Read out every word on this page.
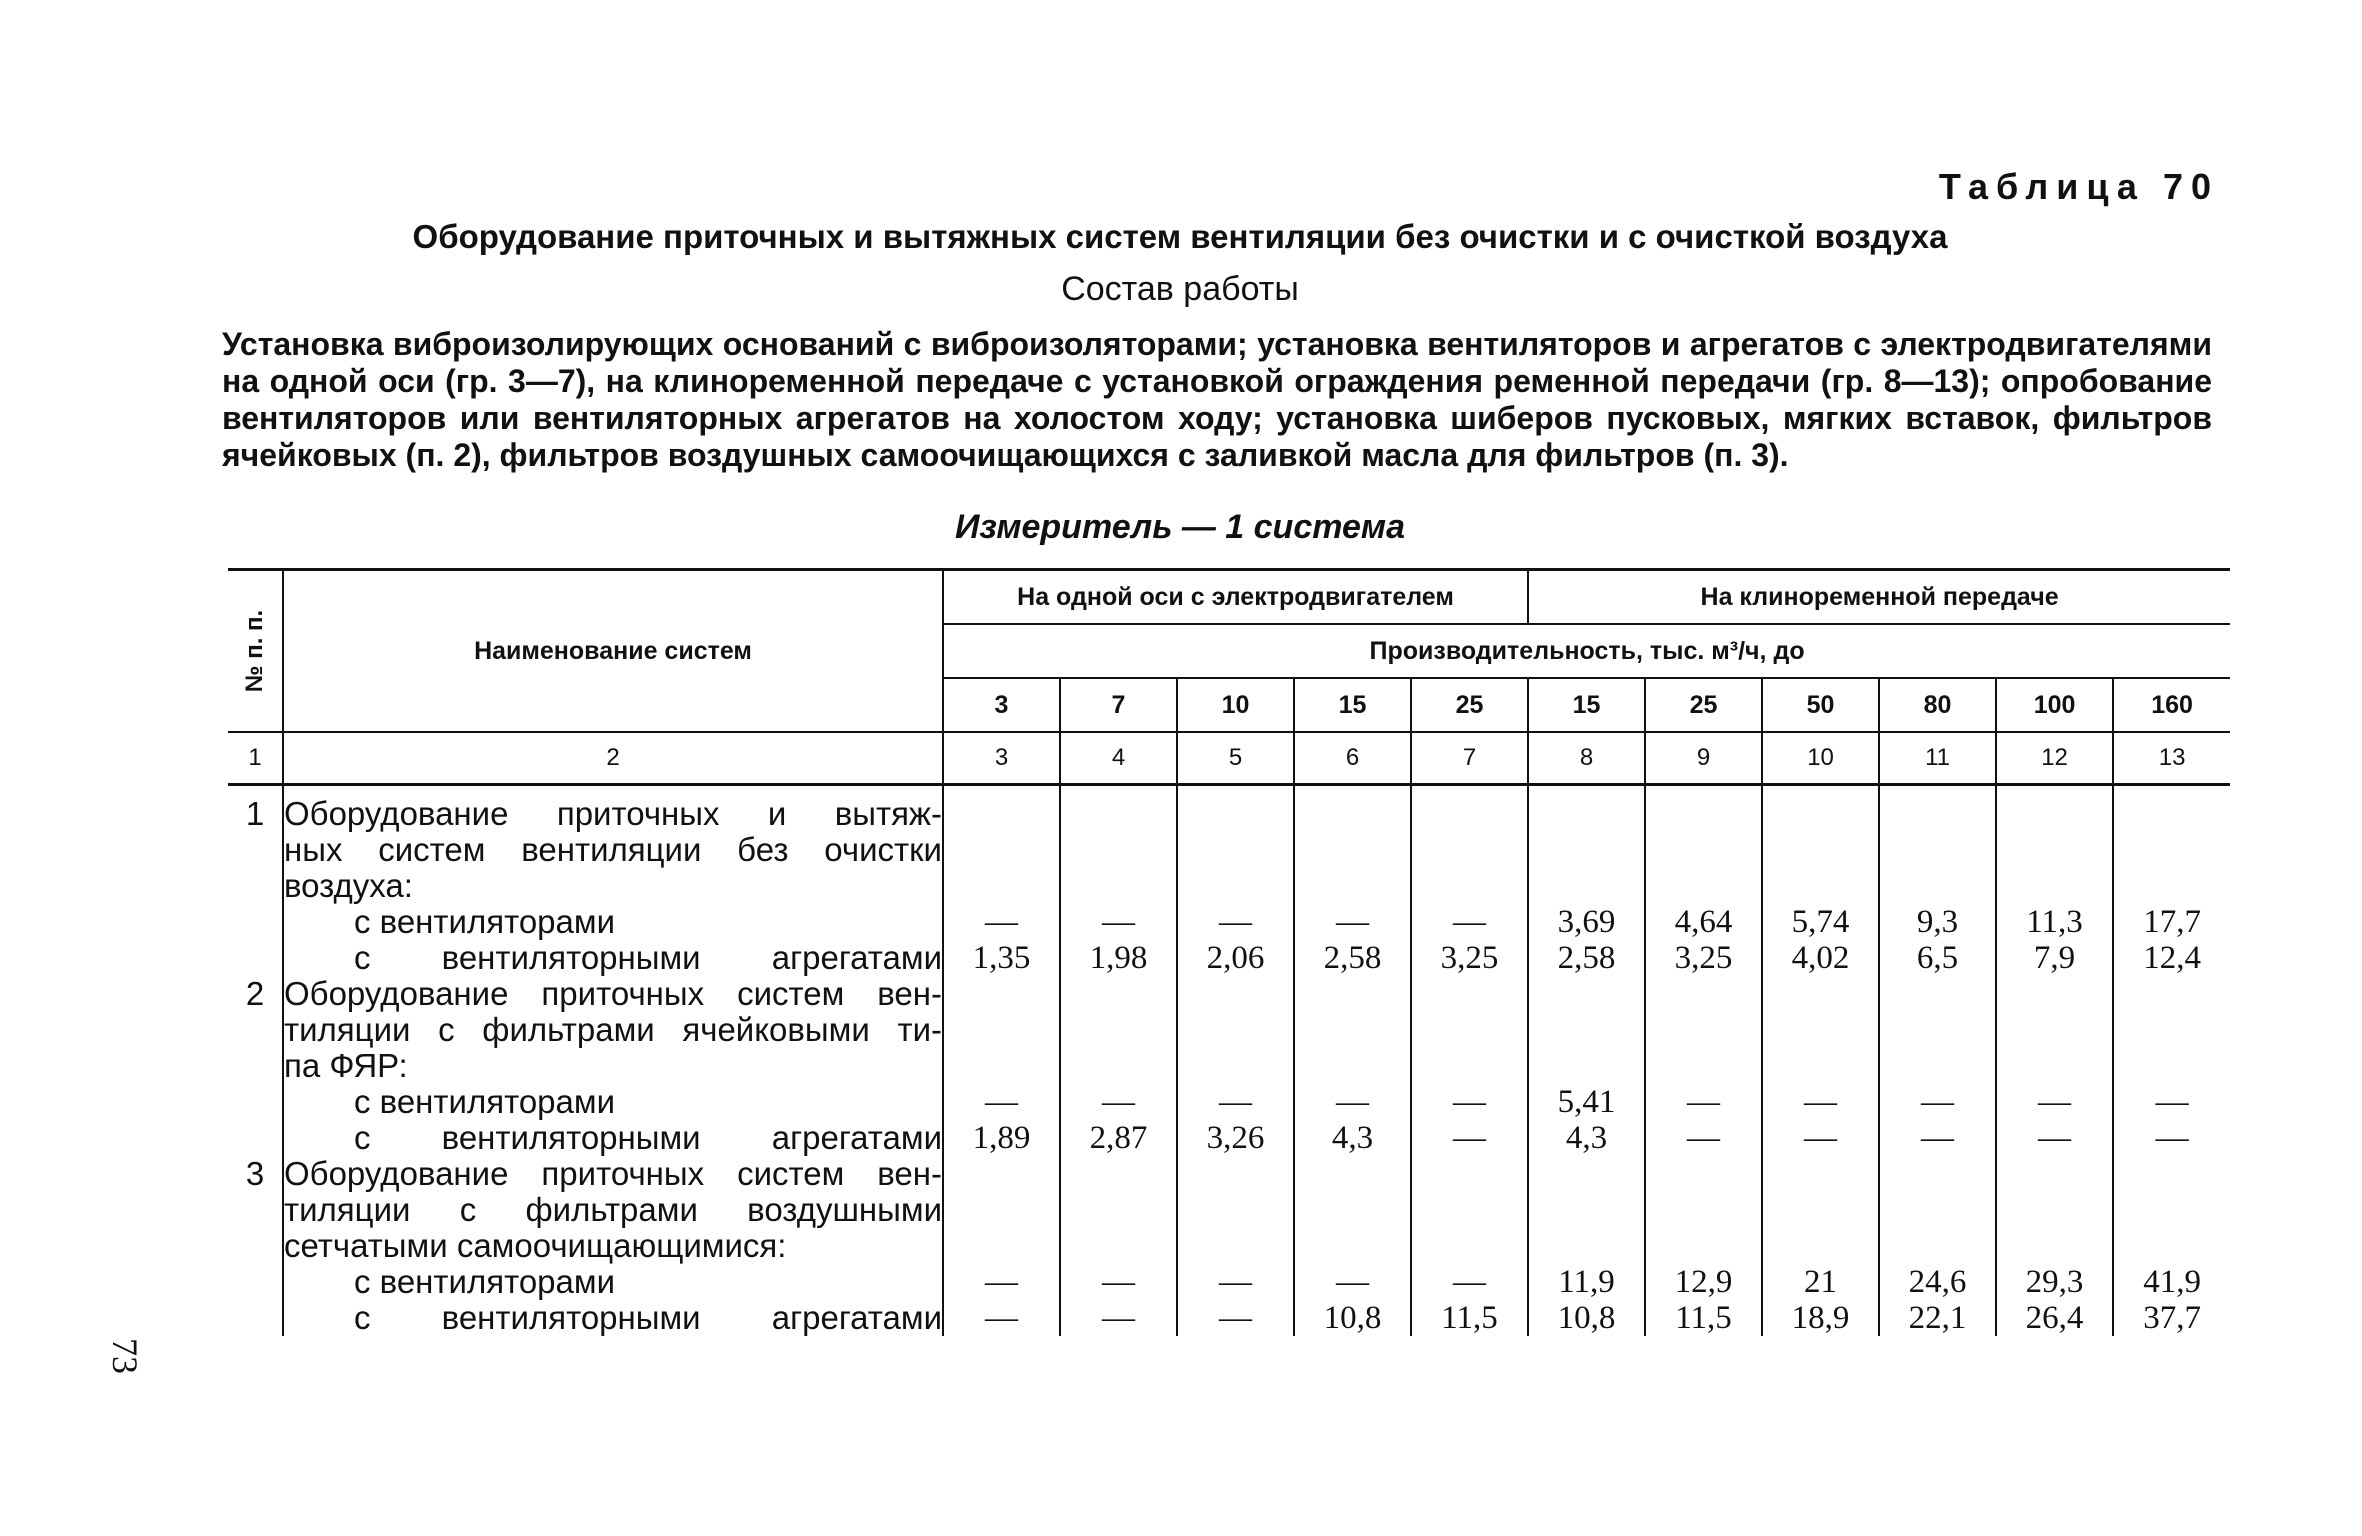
Таблица 70
Оборудование приточных и вытяжных систем вентиляции без очистки и с очисткой воздуха
Состав работы
Установка виброизолирующих оснований с виброизоляторами; установка вентиляторов и агрегатов с электродвигателями на одной оси (гр. 3—7), на клиноременной передаче с установкой ограждения ременной передачи (гр. 8—13); опробование вентиляторов или вентиляторных агрегатов на холостом ходу; установка шиберов пусковых, мягких вставок, фильтров ячейковых (п. 2), фильтров воздушных самоочищающихся с заливкой масла для фильтров (п. 3).
Измеритель — 1 система
73
№ п. п.	Наименование систем	На одной оси с электродвигателем					На клиноременной передаче					
		Производительность, тыс. м³/ч, до										
		3	7	10	15	25	15	25	50	80	100	160
1	2	3	4	5	6	7	8	9	10	11	12	13

1	Оборудование приточных и вытяж-											
	ных систем вентиляции без очистки											
	воздуха:											
	с вентиляторами	—	—	—	—	—	3,69	4,64	5,74	9,3	11,3	17,7
	с вентиляторными агрегатами	1,35	1,98	2,06	2,58	3,25	2,58	3,25	4,02	6,5	7,9	12,4
2	Оборудование приточных систем вен-											
	тиляции с фильтрами ячейковыми ти-											
	па ФЯР:											
	с вентиляторами	—	—	—	—	—	5,41	—	—	—	—	—
	с вентиляторными агрегатами	1,89	2,87	3,26	4,3	—	4,3	—	—	—	—	—
3	Оборудование приточных систем вен-											
	тиляции с фильтрами воздушными											
	сетчатыми самоочищающимися:											
	с вентиляторами	—	—	—	—	—	11,9	12,9	21	24,6	29,3	41,9
	с вентиляторными агрегатами	—	—	—	10,8	11,5	10,8	11,5	18,9	22,1	26,4	37,7
